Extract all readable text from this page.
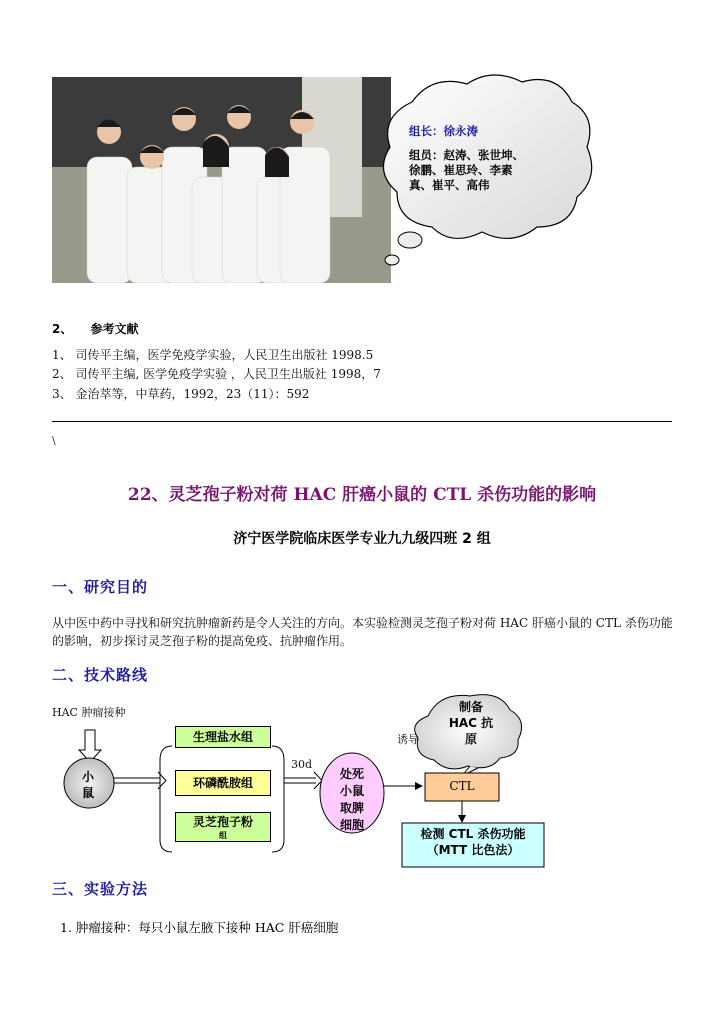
组长：徐永涛
组员：赵涛、张世坤、
徐鹏、崔思玲、李素
真、崔平、高伟
2、 参考文献
1、 司传平主编，医学免疫学实验，人民卫生出版社 1998.5
2、 司传平主编, 医学免疫学实验 ，人民卫生出版社 1998，7
3、 金治萃等，中草药，1992，23（11）：592
\
22、灵芝孢子粉对荷 HAC 肝癌小鼠的 CTL 杀伤功能的影响
济宁医学院临床医学专业九九级四班 2 组
一、研究目的
从中医中药中寻找和研究抗肿瘤新药是令人关注的方向。本实验检测灵芝孢子粉对荷 HAC 肝癌小鼠的 CTL 杀伤功能的影响，初步探讨灵芝孢子粉的提高免疫、抗肿瘤作用。
二、技术路线
HAC 肿瘤接种
小
鼠
生理盐水组
环磷酰胺组
灵芝孢子粉
组
30d
处死
小鼠
取脾
细胞
制备
HAC 抗
原
诱导
CTL
检测 CTL 杀伤功能
（MTT 比色法）
三、实验方法
1. 肿瘤接种：每只小鼠左腋下接种 HAC 肝癌细胞
